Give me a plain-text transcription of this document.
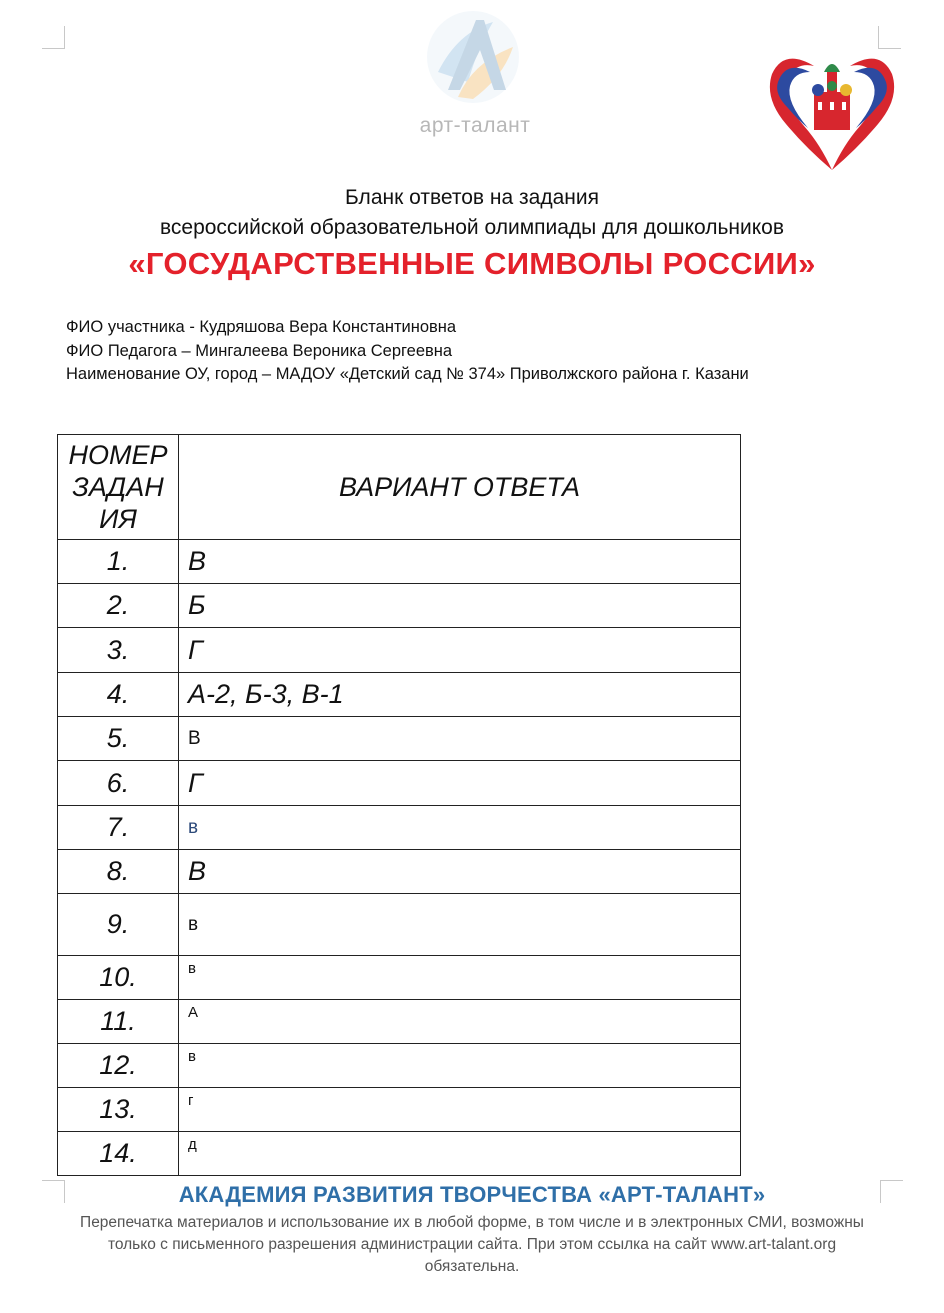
арт-талант
Бланк ответов на задания
всероссийской образовательной олимпиады для дошкольников
«ГОСУДАРСТВЕННЫЕ СИМВОЛЫ РОССИИ»
ФИО участника - Кудряшова Вера Константиновна
ФИО Педагога – Мингалеева Вероника Сергеевна
Наименование ОУ, город – МАДОУ «Детский сад № 374» Приволжского района г. Казани
НОМЕР ЗАДАН ИЯ	ВАРИАНТ ОТВЕТА
1.	В
2.	Б
3.	Г
4.	А-2, Б-3, В-1
5.	В
6.	Г
7.	в
8.	В
9.	в
10.	в
11.	А
12.	в
13.	г
14.	д
АКАДЕМИЯ РАЗВИТИЯ ТВОРЧЕСТВА «АРТ-ТАЛАНТ»
Перепечатка материалов и использование их в любой форме, в том числе и в электронных СМИ, возможны только с письменного разрешения администрации сайта. При этом ссылка на сайт www.art-talant.org обязательна.
